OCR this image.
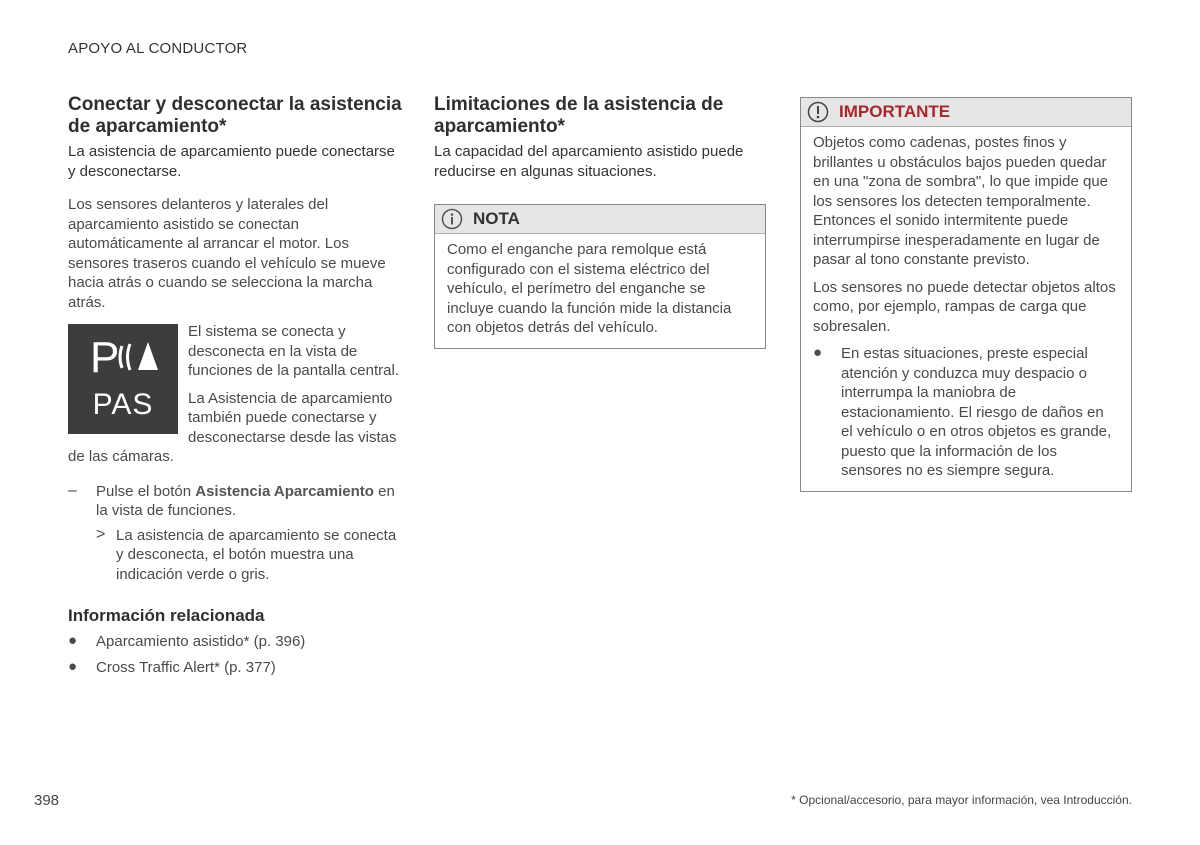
APOYO AL CONDUCTOR
Conectar y desconectar la asistencia de aparcamiento*

La asistencia de aparcamiento puede conectarse y desconectarse.

Los sensores delanteros y laterales del aparcamiento asistido se conectan automáticamente al arrancar el motor. Los sensores traseros cuando el vehículo se mueve hacia atrás o cuando se selecciona la marcha atrás.

P
PAS

El sistema se conecta y desconecta en la vista de funciones de la pantalla central.

La Asistencia de aparcamiento también puede conectarse y desconectarse desde las vistas de las cámaras.

– Pulse el botón Asistencia Aparcamiento en la vista de funciones.

> La asistencia de aparcamiento se conecta y desconecta, el botón muestra una indicación verde o gris.

Información relacionada
● Aparcamiento asistido* (p. 396)

● Cross Traffic Alert* (p. 377)

Limitaciones de la asistencia de aparcamiento*

La capacidad del aparcamiento asistido puede reducirse en algunas situaciones.

NOTA

Como el enganche para remolque está configurado con el sistema eléctrico del vehículo, el perímetro del enganche se incluye cuando la función mide la distancia con objetos detrás del vehículo.

IMPORTANTE

Objetos como cadenas, postes finos y brillantes u obstáculos bajos pueden quedar en una "zona de sombra", lo que impide que los sensores los detecten temporalmente. Entonces el sonido intermitente puede interrumpirse inesperadamente en lugar de pasar al tono constante previsto.

Los sensores no puede detectar objetos altos como, por ejemplo, rampas de carga que sobresalen.

● En estas situaciones, preste especial atención y conduzca muy despacio o interrumpa la maniobra de estacionamiento. El riesgo de daños en el vehículo o en otros objetos es grande, puesto que la información de los sensores no es siempre segura.

398	* Opcional/accesorio, para mayor información, vea Introducción.
